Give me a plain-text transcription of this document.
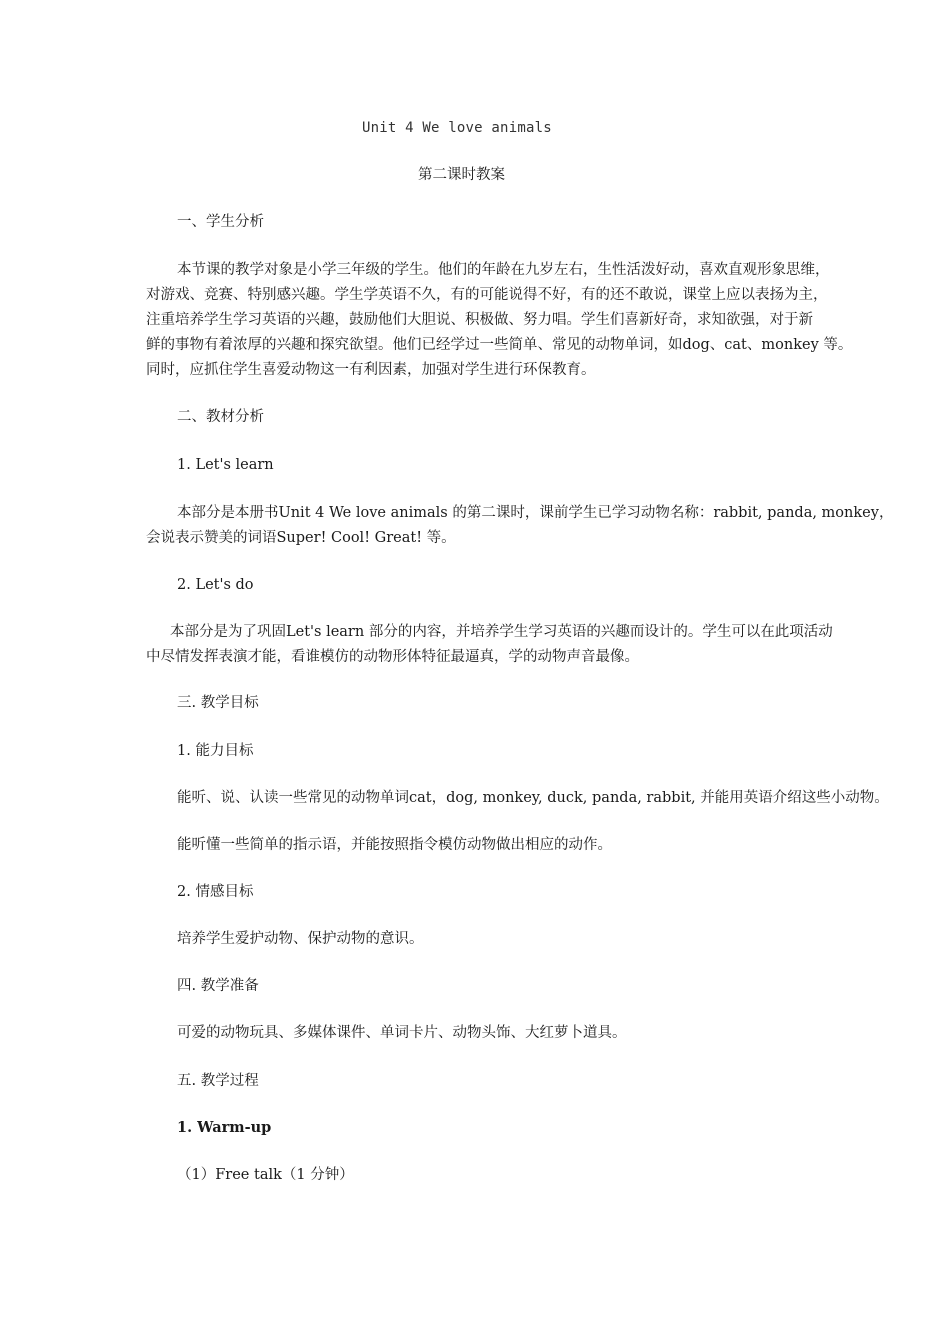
Unit 4 We love animals
第二课时教案
一、学生分析
本节课的教学对象是小学三年级的学生。他们的年龄在九岁左右，生性活泼好动，喜欢直观形象思维，
对游戏、竞赛、特别感兴趣。学生学英语不久，有的可能说得不好，有的还不敢说，课堂上应以表扬为主，
注重培养学生学习英语的兴趣，鼓励他们大胆说、积极做、努力唱。学生们喜新好奇，求知欲强，对于新
鲜的事物有着浓厚的兴趣和探究欲望。他们已经学过一些简单、常见的动物单词，如dog、cat、monkey 等。
同时，应抓住学生喜爱动物这一有利因素，加强对学生进行环保教育。
二、教材分析
1. Let's learn
本部分是本册书Unit 4 We love animals 的第二课时，课前学生已学习动物名称：rabbit, panda, monkey，
会说表示赞美的词语Super! Cool! Great! 等。
2. Let's do
本部分是为了巩固Let's learn 部分的内容，并培养学生学习英语的兴趣而设计的。学生可以在此项活动
中尽情发挥表演才能，看谁模仿的动物形体特征最逼真，学的动物声音最像。
三. 教学目标
1. 能力目标
能听、说、认读一些常见的动物单词cat，dog, monkey, duck, panda, rabbit, 并能用英语介绍这些小动物。
能听懂一些简单的指示语，并能按照指令模仿动物做出相应的动作。
2. 情感目标
培养学生爱护动物、保护动物的意识。
四. 教学准备
可爱的动物玩具、多媒体课件、单词卡片、动物头饰、大红萝卜道具。
五. 教学过程
1. Warm-up
（1）Free talk（1 分钟）
